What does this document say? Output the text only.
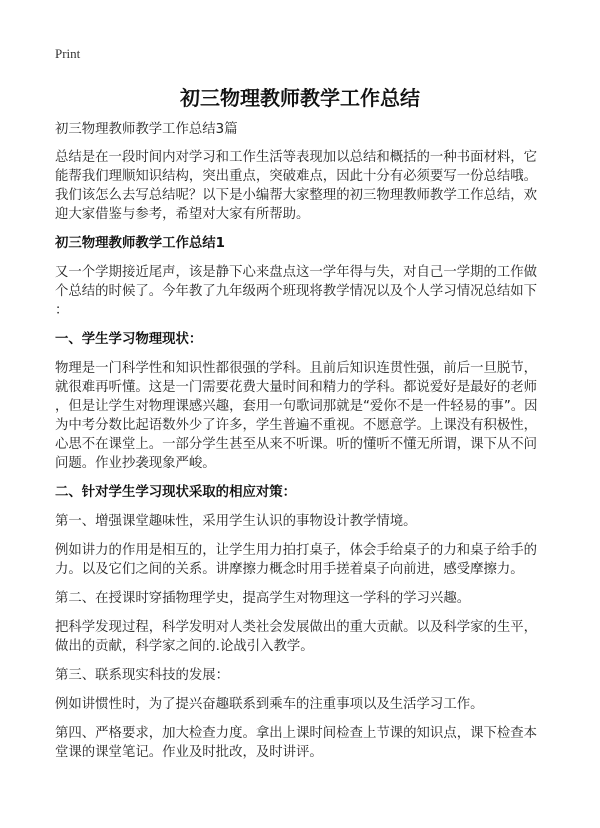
Print
初三物理教师教学工作总结
初三物理教师教学工作总结3篇
总结是在一段时间内对学习和工作生活等表现加以总结和概括的一种书面材料，它
能帮我们理顺知识结构，突出重点，突破难点，因此十分有必须要写一份总结哦。
我们该怎么去写总结呢？以下是小编帮大家整理的初三物理教师教学工作总结，欢
迎大家借鉴与参考，希望对大家有所帮助。
初三物理教师教学工作总结1
又一个学期接近尾声，该是静下心来盘点这一学年得与失，对自己一学期的工作做
个总结的时候了。今年教了九年级两个班现将教学情况以及个人学习情况总结如下
：
一、学生学习物理现状：
物理是一门科学性和知识性都很强的学科。且前后知识连贯性强，前后一旦脱节，
就很难再听懂。这是一门需要花费大量时间和精力的学科。都说爱好是最好的老师
，但是让学生对物理课感兴趣，套用一句歌词那就是“爱你不是一件轻易的事”。因
为中考分数比起语数外少了许多，学生普遍不重视。不愿意学。上课没有积极性，
心思不在课堂上。一部分学生甚至从来不听课。听的懂听不懂无所谓，课下从不问
问题。作业抄袭现象严峻。
二、针对学生学习现状采取的相应对策：
第一、增强课堂趣味性，采用学生认识的事物设计教学情境。
例如讲力的作用是相互的，让学生用力拍打桌子，体会手给桌子的力和桌子给手的
力。以及它们之间的关系。讲摩擦力概念时用手搓着桌子向前进，感受摩擦力。
第二、在授课时穿插物理学史，提高学生对物理这一学科的学习兴趣。
把科学发现过程，科学发明对人类社会发展做出的重大贡献。以及科学家的生平，
做出的贡献，科学家之间的.论战引入教学。
第三、联系现实科技的发展：
例如讲惯性时，为了提兴奋趣联系到乘车的注重事项以及生活学习工作。
第四、严格要求，加大检查力度。拿出上课时间检查上节课的知识点，课下检查本
堂课的课堂笔记。作业及时批改，及时讲评。
